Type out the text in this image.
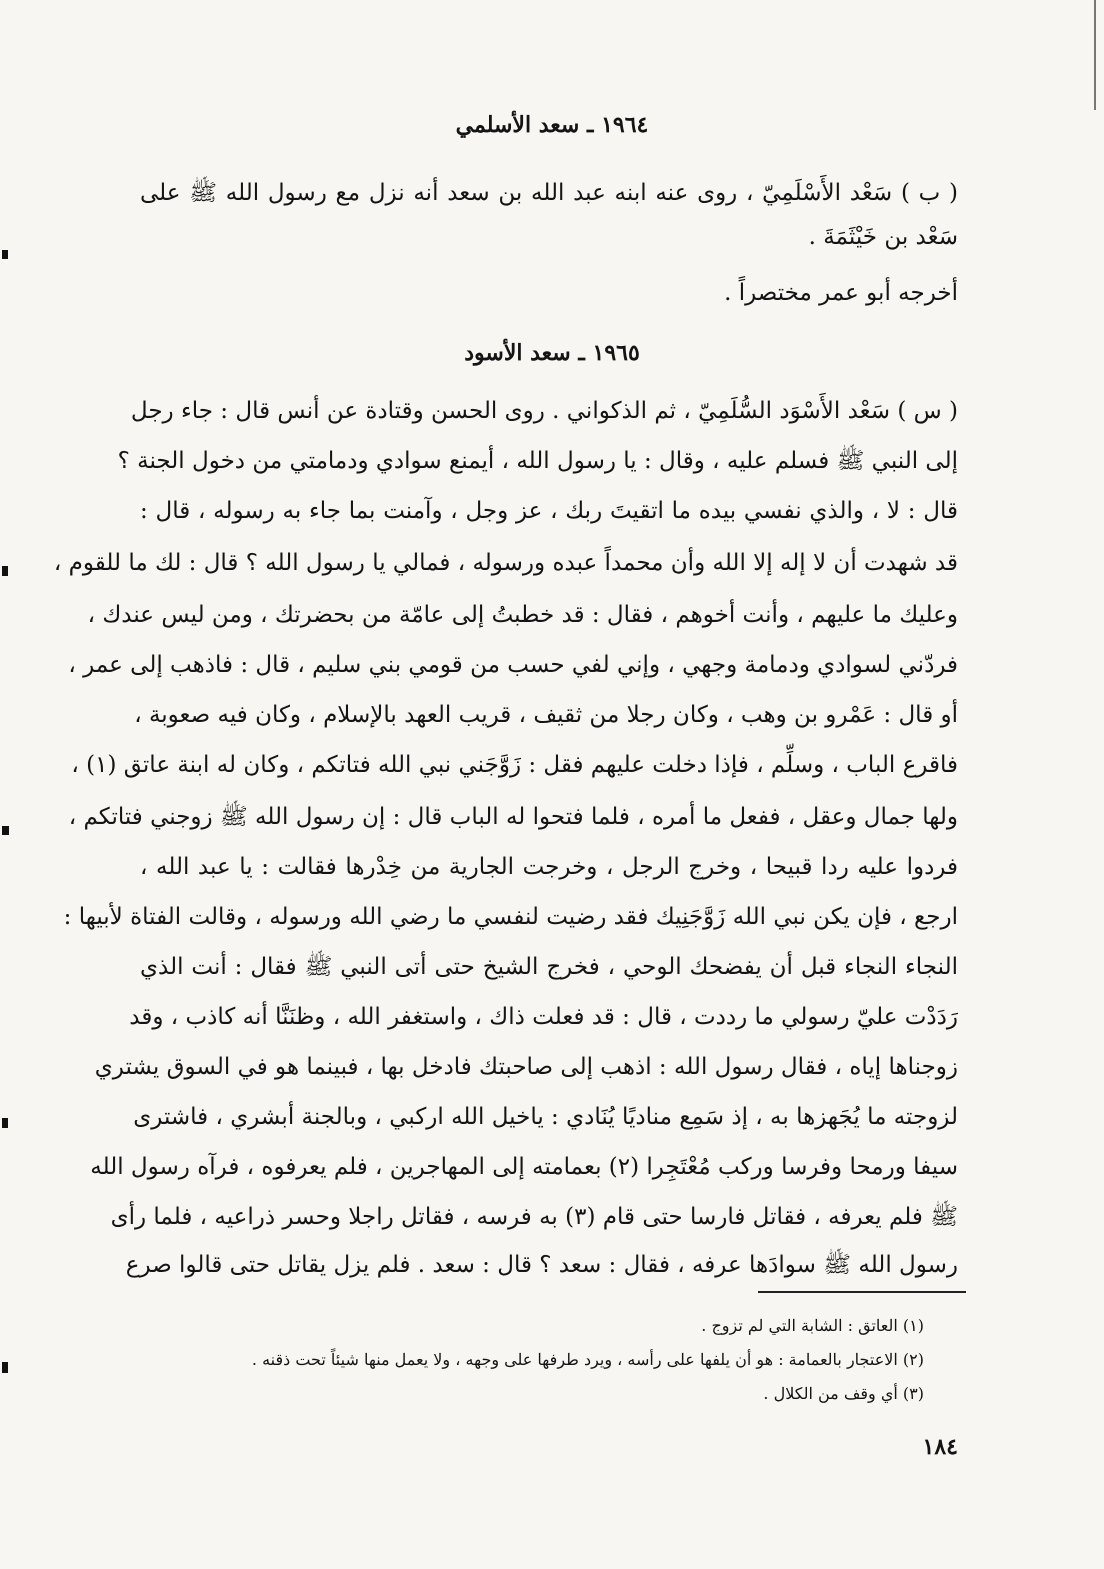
١٩٦٤ ـ سعد الأسلمي
( ب ) سَعْد الأَسْلَمِيّ ، روى عنه ابنه عبد الله بن سعد أنه نزل مع رسول الله ﷺ على
سَعْد بن خَيْثَمَةَ .
أخرجه أبو عمر مختصراً .
١٩٦٥ ـ سعد الأسود
( س ) سَعْد الأَسْوَد السُّلَمِيّ ، ثم الذكواني . روى الحسن وقتادة عن أنس قال : جاء رجل
إلى النبي ﷺ فسلم عليه ، وقال : يا رسول الله ، أيمنع سوادي ودمامتي من دخول الجنة ؟
قال : لا ، والذي نفسي بيده ما اتقيتَ ربك ، عز وجل ، وآمنت بما جاء به رسوله ، قال :
قد شهدت أن لا إله إلا الله وأن محمداً عبده ورسوله ، فمالي يا رسول الله ؟ قال : لك ما للقوم ،
وعليك ما عليهم ، وأنت أخوهم ، فقال : قد خطبتُ إلى عامّة من بحضرتك ، ومن ليس عندك ،
فردّني لسوادي ودمامة وجهي ، وإني لفي حسب من قومي بني سليم ، قال : فاذهب إلى عمر ،
أو قال : عَمْرو بن وهب ، وكان رجلا من ثقيف ، قريب العهد بالإسلام ، وكان فيه صعوبة ،
فاقرع الباب ، وسلِّم ، فإذا دخلت عليهم فقل : زَوَّجَني نبي الله فتاتكم ، وكان له ابنة عاتق (١) ،
ولها جمال وعقل ، ففعل ما أمره ، فلما فتحوا له الباب قال : إن رسول الله ﷺ زوجني فتاتكم ،
فردوا عليه ردا قبيحا ، وخرج الرجل ، وخرجت الجارية من خِدْرها فقالت : يا عبد الله ،
ارجع ، فإن يكن نبي الله زَوَّجَنِيك فقد رضيت لنفسي ما رضي الله ورسوله ، وقالت الفتاة لأبيها :
النجاء النجاء قبل أن يفضحك الوحي ، فخرج الشيخ حتى أتى النبي ﷺ فقال : أنت الذي
رَدَدْت عليّ رسولي ما رددت ، قال : قد فعلت ذاك ، واستغفر الله ، وظنَنَّا أنه كاذب ، وقد
زوجناها إياه ، فقال رسول الله : اذهب إلى صاحبتك فادخل بها ، فبينما هو في السوق يشتري
لزوجته ما يُجَهزها به ، إذ سَمِع مناديًا يُنَادي : ياخيل الله اركبي ، وبالجنة أبشري ، فاشترى
سيفا ورمحا وفرسا وركب مُعْتَجِرا (٢) بعمامته إلى المهاجرين ، فلم يعرفوه ، فرآه رسول الله
ﷺ فلم يعرفه ، فقاتل فارسا حتى قام (٣) به فرسه ، فقاتل راجلا وحسر ذراعيه ، فلما رأى
رسول الله ﷺ سوادَها عرفه ، فقال : سعد ؟ قال : سعد . فلم يزل يقاتل حتى قالوا صرع
(١) العاتق : الشابة التي لم تزوج .
(٢) الاعتجار بالعمامة : هو أن يلفها على رأسه ، ويرد طرفها على وجهه ، ولا يعمل منها شيئاً تحت ذقنه .
(٣) أي وقف من الكلال .
١٨٤
